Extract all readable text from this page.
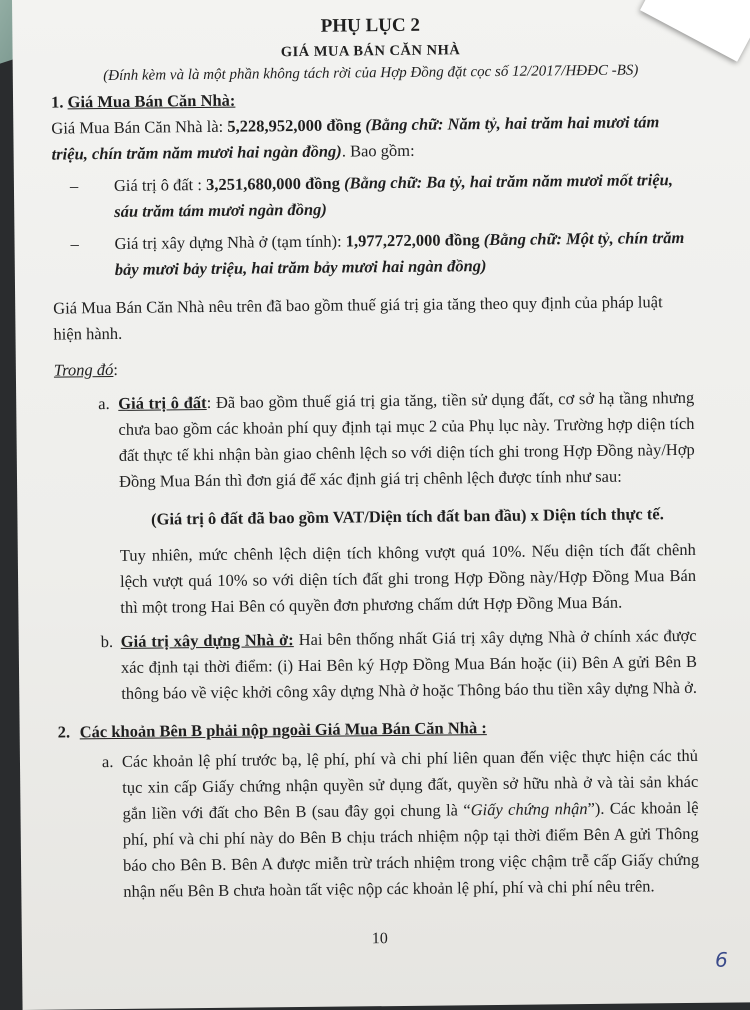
PHỤ LỤC 2

GIÁ MUA BÁN CĂN NHÀ

(Đính kèm và là một phần không tách rời của Hợp Đồng đặt cọc số 12/2017/HĐĐC -BS)

1. Giá Mua Bán Căn Nhà:

Giá Mua Bán Căn Nhà là: 5,228,952,000 đồng (Bằng chữ: Năm tỷ, hai trăm hai mươi tám triệu, chín trăm năm mươi hai ngàn đồng). Bao gồm:

– Giá trị ô đất : 3,251,680,000 đồng (Bằng chữ: Ba tỷ, hai trăm năm mươi mốt triệu, sáu trăm tám mươi ngàn đồng)
– Giá trị xây dựng Nhà ở (tạm tính): 1,977,272,000 đồng (Bằng chữ: Một tỷ, chín trăm bảy mươi bảy triệu, hai trăm bảy mươi hai ngàn đồng)

Giá Mua Bán Căn Nhà nêu trên đã bao gồm thuế giá trị gia tăng theo quy định của pháp luật hiện hành.

Trong đó:

a. Giá trị ô đất: Đã bao gồm thuế giá trị gia tăng, tiền sử dụng đất, cơ sở hạ tầng nhưng chưa bao gồm các khoản phí quy định tại mục 2 của Phụ lục này. Trường hợp diện tích đất thực tế khi nhận bàn giao chênh lệch so với diện tích ghi trong Hợp Đồng này/Hợp Đồng Mua Bán thì đơn giá để xác định giá trị chênh lệch được tính như sau:

(Giá trị ô đất đã bao gồm VAT/Diện tích đất ban đầu) x Diện tích thực tế.

Tuy nhiên, mức chênh lệch diện tích không vượt quá 10%. Nếu diện tích đất chênh lệch vượt quá 10% so với diện tích đất ghi trong Hợp Đồng này/Hợp Đồng Mua Bán thì một trong Hai Bên có quyền đơn phương chấm dứt Hợp Đồng Mua Bán.

b. Giá trị xây dựng Nhà ở: Hai bên thống nhất Giá trị xây dựng Nhà ở chính xác được xác định tại thời điểm: (i) Hai Bên ký Hợp Đồng Mua Bán hoặc (ii) Bên A gửi Bên B thông báo về việc khởi công xây dựng Nhà ở hoặc Thông báo thu tiền xây dựng Nhà ở.

2. Các khoản Bên B phải nộp ngoài Giá Mua Bán Căn Nhà :

a. Các khoản lệ phí trước bạ, lệ phí, phí và chi phí liên quan đến việc thực hiện các thủ tục xin cấp Giấy chứng nhận quyền sử dụng đất, quyền sở hữu nhà ở và tài sản khác gắn liền với đất cho Bên B (sau đây gọi chung là “Giấy chứng nhận”). Các khoản lệ phí, phí và chi phí này do Bên B chịu trách nhiệm nộp tại thời điểm Bên A gửi Thông báo cho Bên B. Bên A được miễn trừ trách nhiệm trong việc chậm trễ cấp Giấy chứng nhận nếu Bên B chưa hoàn tất việc nộp các khoản lệ phí, phí và chi phí nêu trên.
10
6
